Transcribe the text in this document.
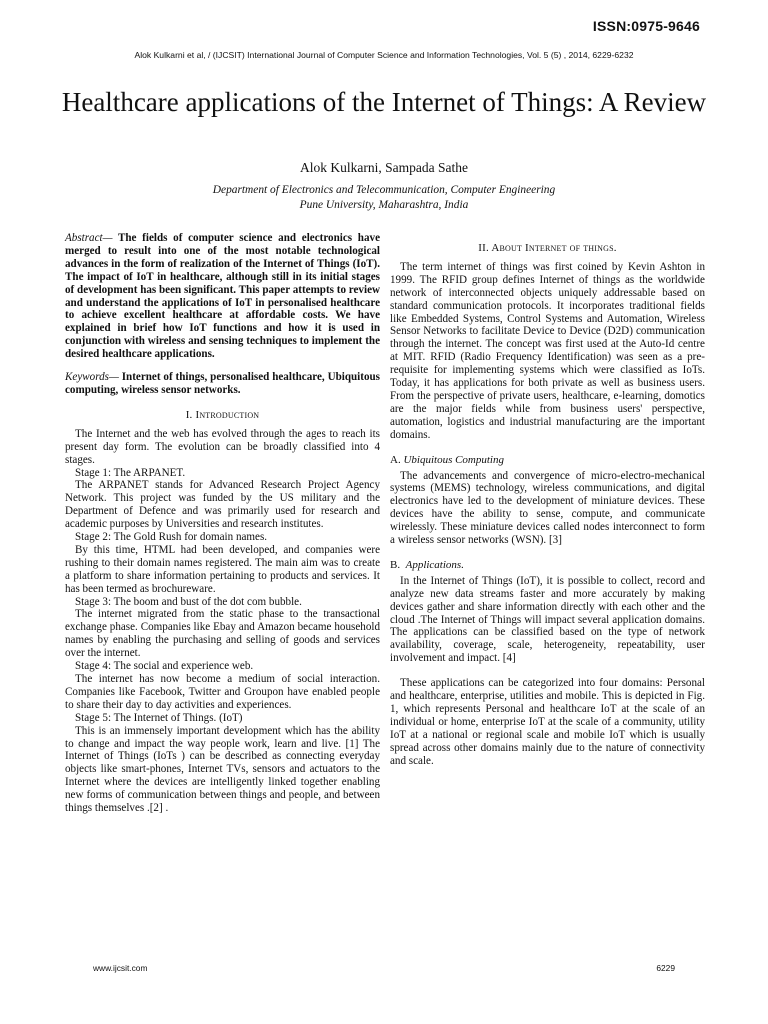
ISSN:0975-9646
Alok Kulkarni et al, / (IJCSIT) International Journal of Computer Science and Information Technologies, Vol. 5 (5) , 2014, 6229-6232
Healthcare applications of the Internet of Things: A Review
Alok Kulkarni, Sampada Sathe
Department of Electronics and Telecommunication, Computer Engineering
Pune University, Maharashtra, India

Abstract— The fields of computer science and electronics have merged to result into one of the most notable technological advances in the form of realization of the Internet of Things (IoT). The impact of IoT in healthcare, although still in its initial stages of development has been significant. This paper attempts to review and understand the applications of IoT in personalised healthcare to achieve excellent healthcare at affordable costs. We have explained in brief how IoT functions and how it is used in conjunction with wireless and sensing techniques to implement the desired healthcare applications.

Keywords— Internet of things, personalised healthcare, Ubiquitous computing, wireless sensor networks.

I. Introduction

The Internet and the web has evolved through the ages to reach its present day form. The evolution can be broadly classified into 4 stages.

Stage 1: The ARPANET.

The ARPANET stands for Advanced Research Project Agency Network. This project was funded by the US military and the Department of Defence and was primarily used for research and academic purposes by Universities and research institutes.

Stage 2: The Gold Rush for domain names.

By this time, HTML had been developed, and companies were rushing to their domain names registered. The main aim was to create a platform to share information pertaining to products and services. It has been termed as brochureware.

Stage 3: The boom and bust of the dot com bubble.

The internet migrated from the static phase to the transactional exchange phase. Companies like Ebay and Amazon became household names by enabling the purchasing and selling of goods and services over the internet.

Stage 4: The social and experience web.

The internet has now become a medium of social interaction. Companies like Facebook, Twitter and Groupon have enabled people to share their day to day activities and experiences.

Stage 5: The Internet of Things. (IoT)

This is an immensely important development which has the ability to change and impact the way people work, learn and live. [1] The Internet of Things (IoTs ) can be described as connecting everyday objects like smart-phones, Internet TVs, sensors and actuators to the Internet where the devices are intelligently linked together enabling new forms of communication between things and people, and between things themselves .[2] .

II. About Internet of things.

The term internet of things was first coined by Kevin Ashton in 1999. The RFID group defines Internet of things as the worldwide network of interconnected objects uniquely addressable based on standard communication protocols. It incorporates traditional fields like Embedded Systems, Control Systems and Automation, Wireless Sensor Networks to facilitate Device to Device (D2D) communication through the internet. The concept was first used at the Auto-Id centre at MIT. RFID (Radio Frequency Identification) was seen as a pre-requisite for implementing systems which were classified as IoTs. Today, it has applications for both private as well as business users. From the perspective of private users, healthcare, e-learning, domotics are the major fields while from business users' perspective, automation, logistics and industrial manufacturing are the important domains.

A. Ubiquitous Computing

The advancements and convergence of micro-electro-mechanical systems (MEMS) technology, wireless communications, and digital electronics have led to the development of miniature devices. These devices have the ability to sense, compute, and communicate wirelessly. These miniature devices called nodes interconnect to form a wireless sensor networks (WSN). [3]

B. Applications.

In the Internet of Things (IoT), it is possible to collect, record and analyze new data streams faster and more accurately by making devices gather and share information directly with each other and the cloud .The Internet of Things will impact several application domains. The applications can be classified based on the type of network availability, coverage, scale, heterogeneity, repeatability, user involvement and impact. [4]

These applications can be categorized into four domains: Personal and healthcare, enterprise, utilities and mobile. This is depicted in Fig. 1, which represents Personal and healthcare IoT at the scale of an individual or home, enterprise IoT at the scale of a community, utility IoT at a national or regional scale and mobile IoT which is usually spread across other domains mainly due to the nature of connectivity and scale.

www.ijcsit.com	6229
